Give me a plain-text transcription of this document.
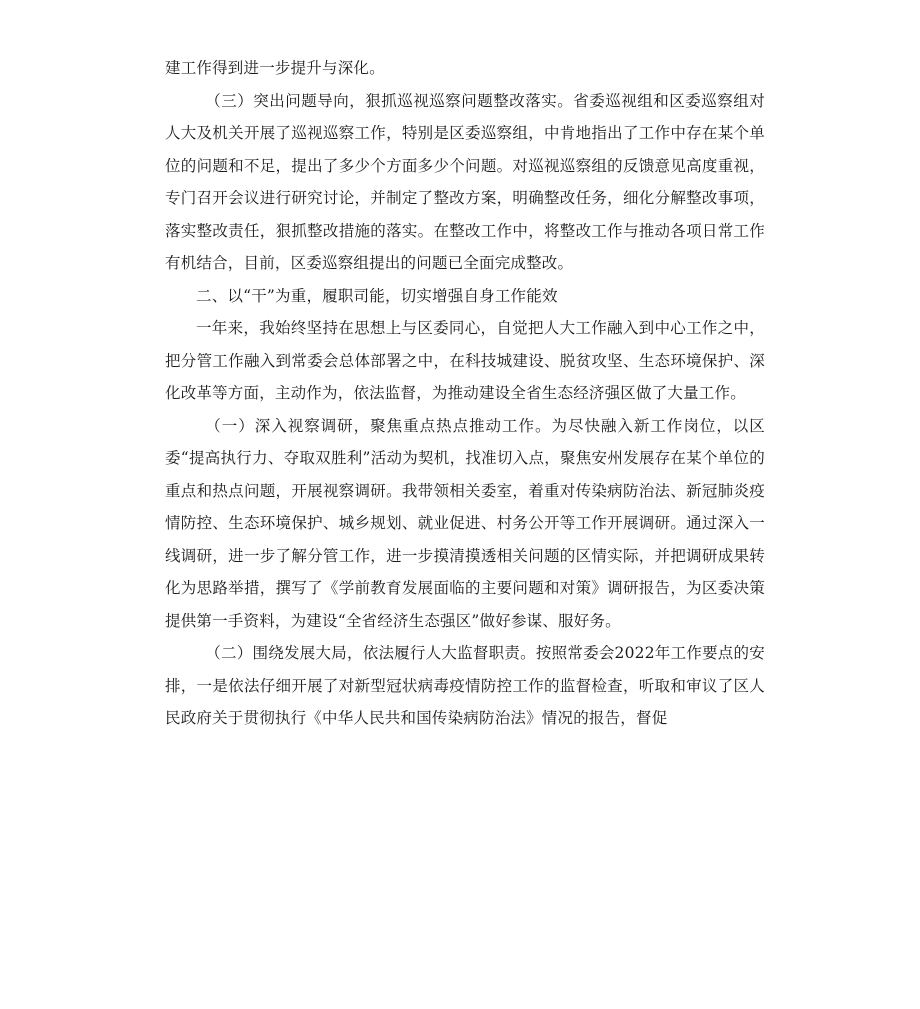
建工作得到进一步提升与深化。

（三）突出问题导向，狠抓巡视巡察问题整改落实。省委巡视组和区委巡察组对人大及机关开展了巡视巡察工作，特别是区委巡察组，中肯地指出了工作中存在某个单位的问题和不足，提出了多少个方面多少个问题。对巡视巡察组的反馈意见高度重视，专门召开会议进行研究讨论，并制定了整改方案，明确整改任务，细化分解整改事项，落实整改责任，狠抓整改措施的落实。在整改工作中，将整改工作与推动各项日常工作有机结合，目前，区委巡察组提出的问题已全面完成整改。

二、以“干”为重，履职司能，切实增强自身工作能效

一年来，我始终坚持在思想上与区委同心，自觉把人大工作融入到中心工作之中，把分管工作融入到常委会总体部署之中，在科技城建设、脱贫攻坚、生态环境保护、深化改革等方面，主动作为，依法监督，为推动建设全省生态经济强区做了大量工作。

（一）深入视察调研，聚焦重点热点推动工作。为尽快融入新工作岗位，以区委“提高执行力、夺取双胜利”活动为契机，找准切入点，聚焦安州发展存在某个单位的重点和热点问题，开展视察调研。我带领相关委室，着重对传染病防治法、新冠肺炎疫情防控、生态环境保护、城乡规划、就业促进、村务公开等工作开展调研。通过深入一线调研，进一步了解分管工作，进一步摸清摸透相关问题的区情实际，并把调研成果转化为思路举措，撰写了《学前教育发展面临的主要问题和对策》调研报告，为区委决策提供第一手资料，为建设“全省经济生态强区”做好参谋、服好务。

（二）围绕发展大局，依法履行人大监督职责。按照常委会2022年工作要点的安排，一是依法仔细开展了对新型冠状病毒疫情防控工作的监督检查，听取和审议了区人民政府关于贯彻执行《中华人民共和国传染病防治法》情况的报告，督促
